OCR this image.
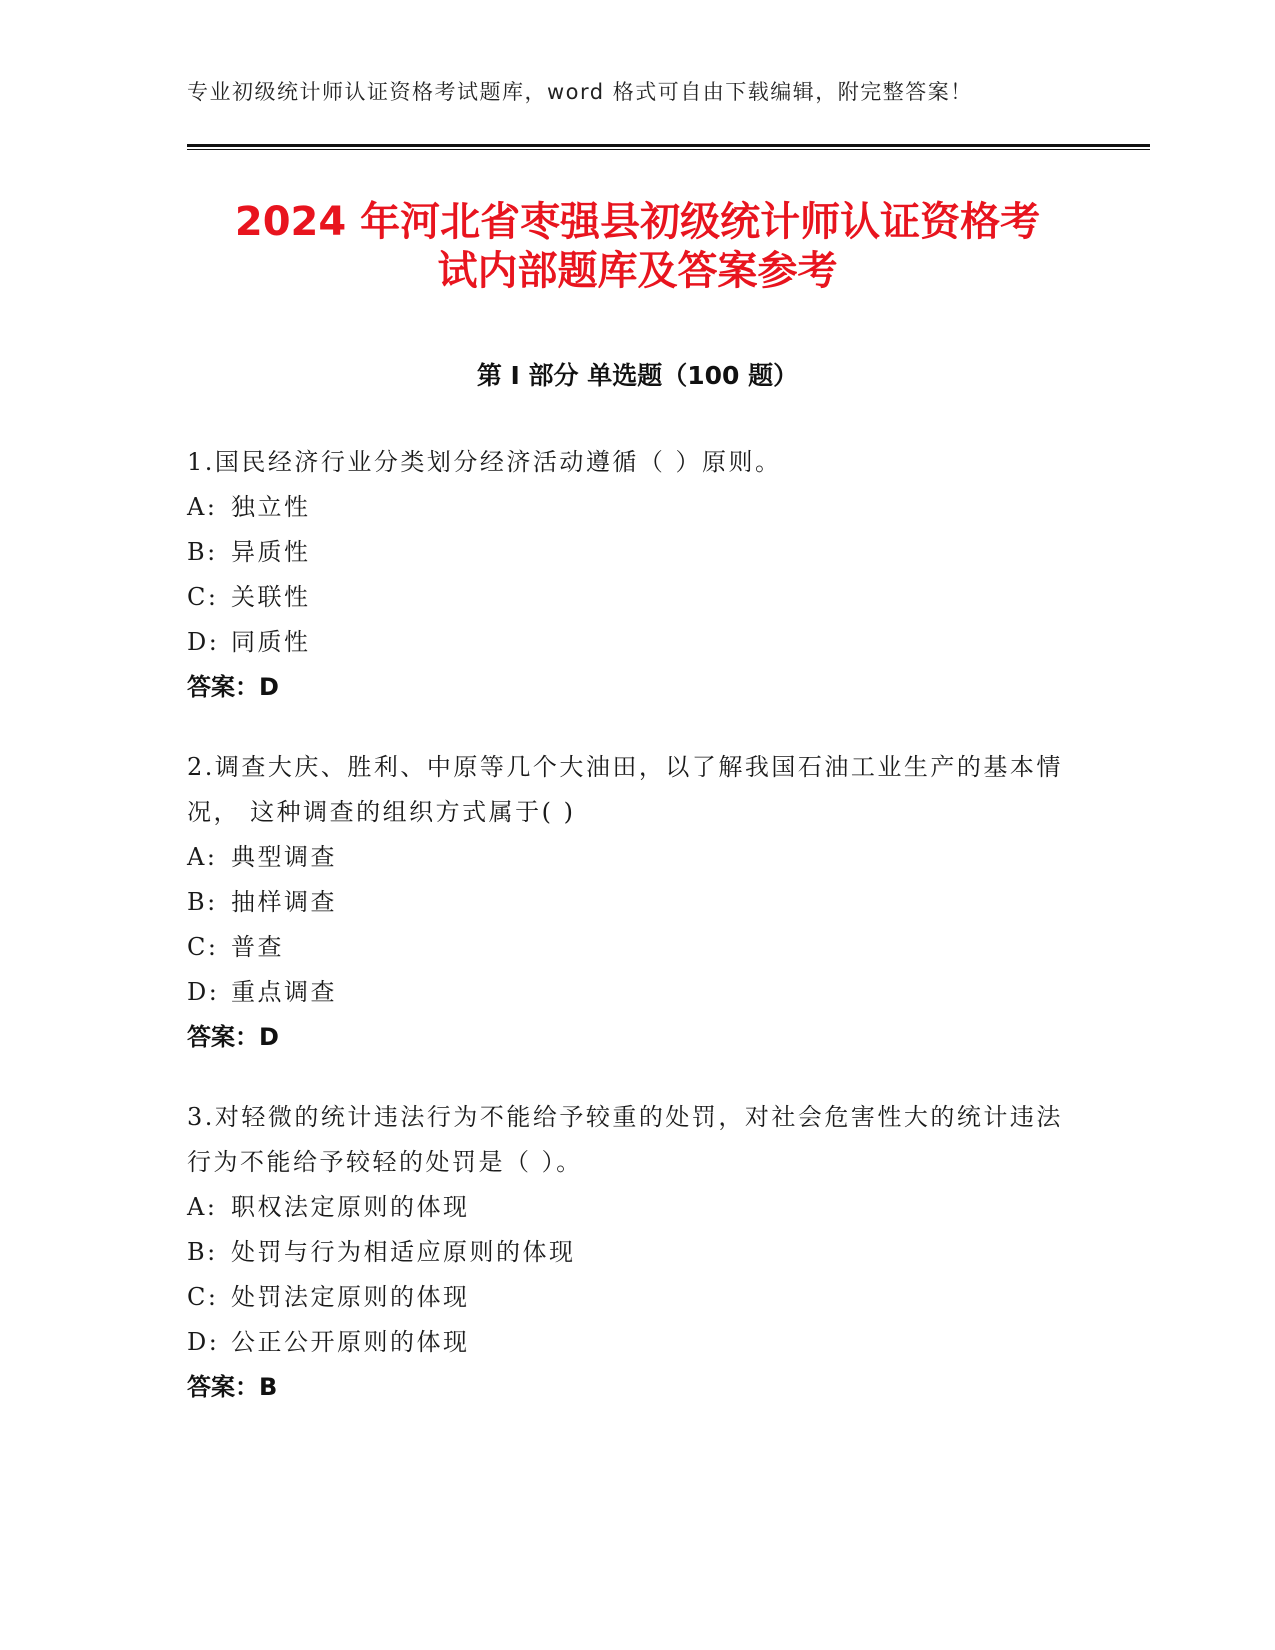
专业初级统计师认证资格考试题库，word 格式可自由下载编辑，附完整答案！
2024 年河北省枣强县初级统计师认证资格考
试内部题库及答案参考
第 I 部分 单选题（100 题）
1.国民经济行业分类划分经济活动遵循（ ）原则。
A: 独立性
B: 异质性
C: 关联性
D: 同质性
答案：D
2.调查大庆、胜利、中原等几个大油田，以了解我国石油工业生产的基本情况， 这种调查的组织方式属于( )
A: 典型调查
B: 抽样调查
C: 普查
D: 重点调查
答案：D
3.对轻微的统计违法行为不能给予较重的处罚，对社会危害性大的统计违法行为不能给予较轻的处罚是（ ）。
A: 职权法定原则的体现
B: 处罚与行为相适应原则的体现
C: 处罚法定原则的体现
D: 公正公开原则的体现
答案：B
